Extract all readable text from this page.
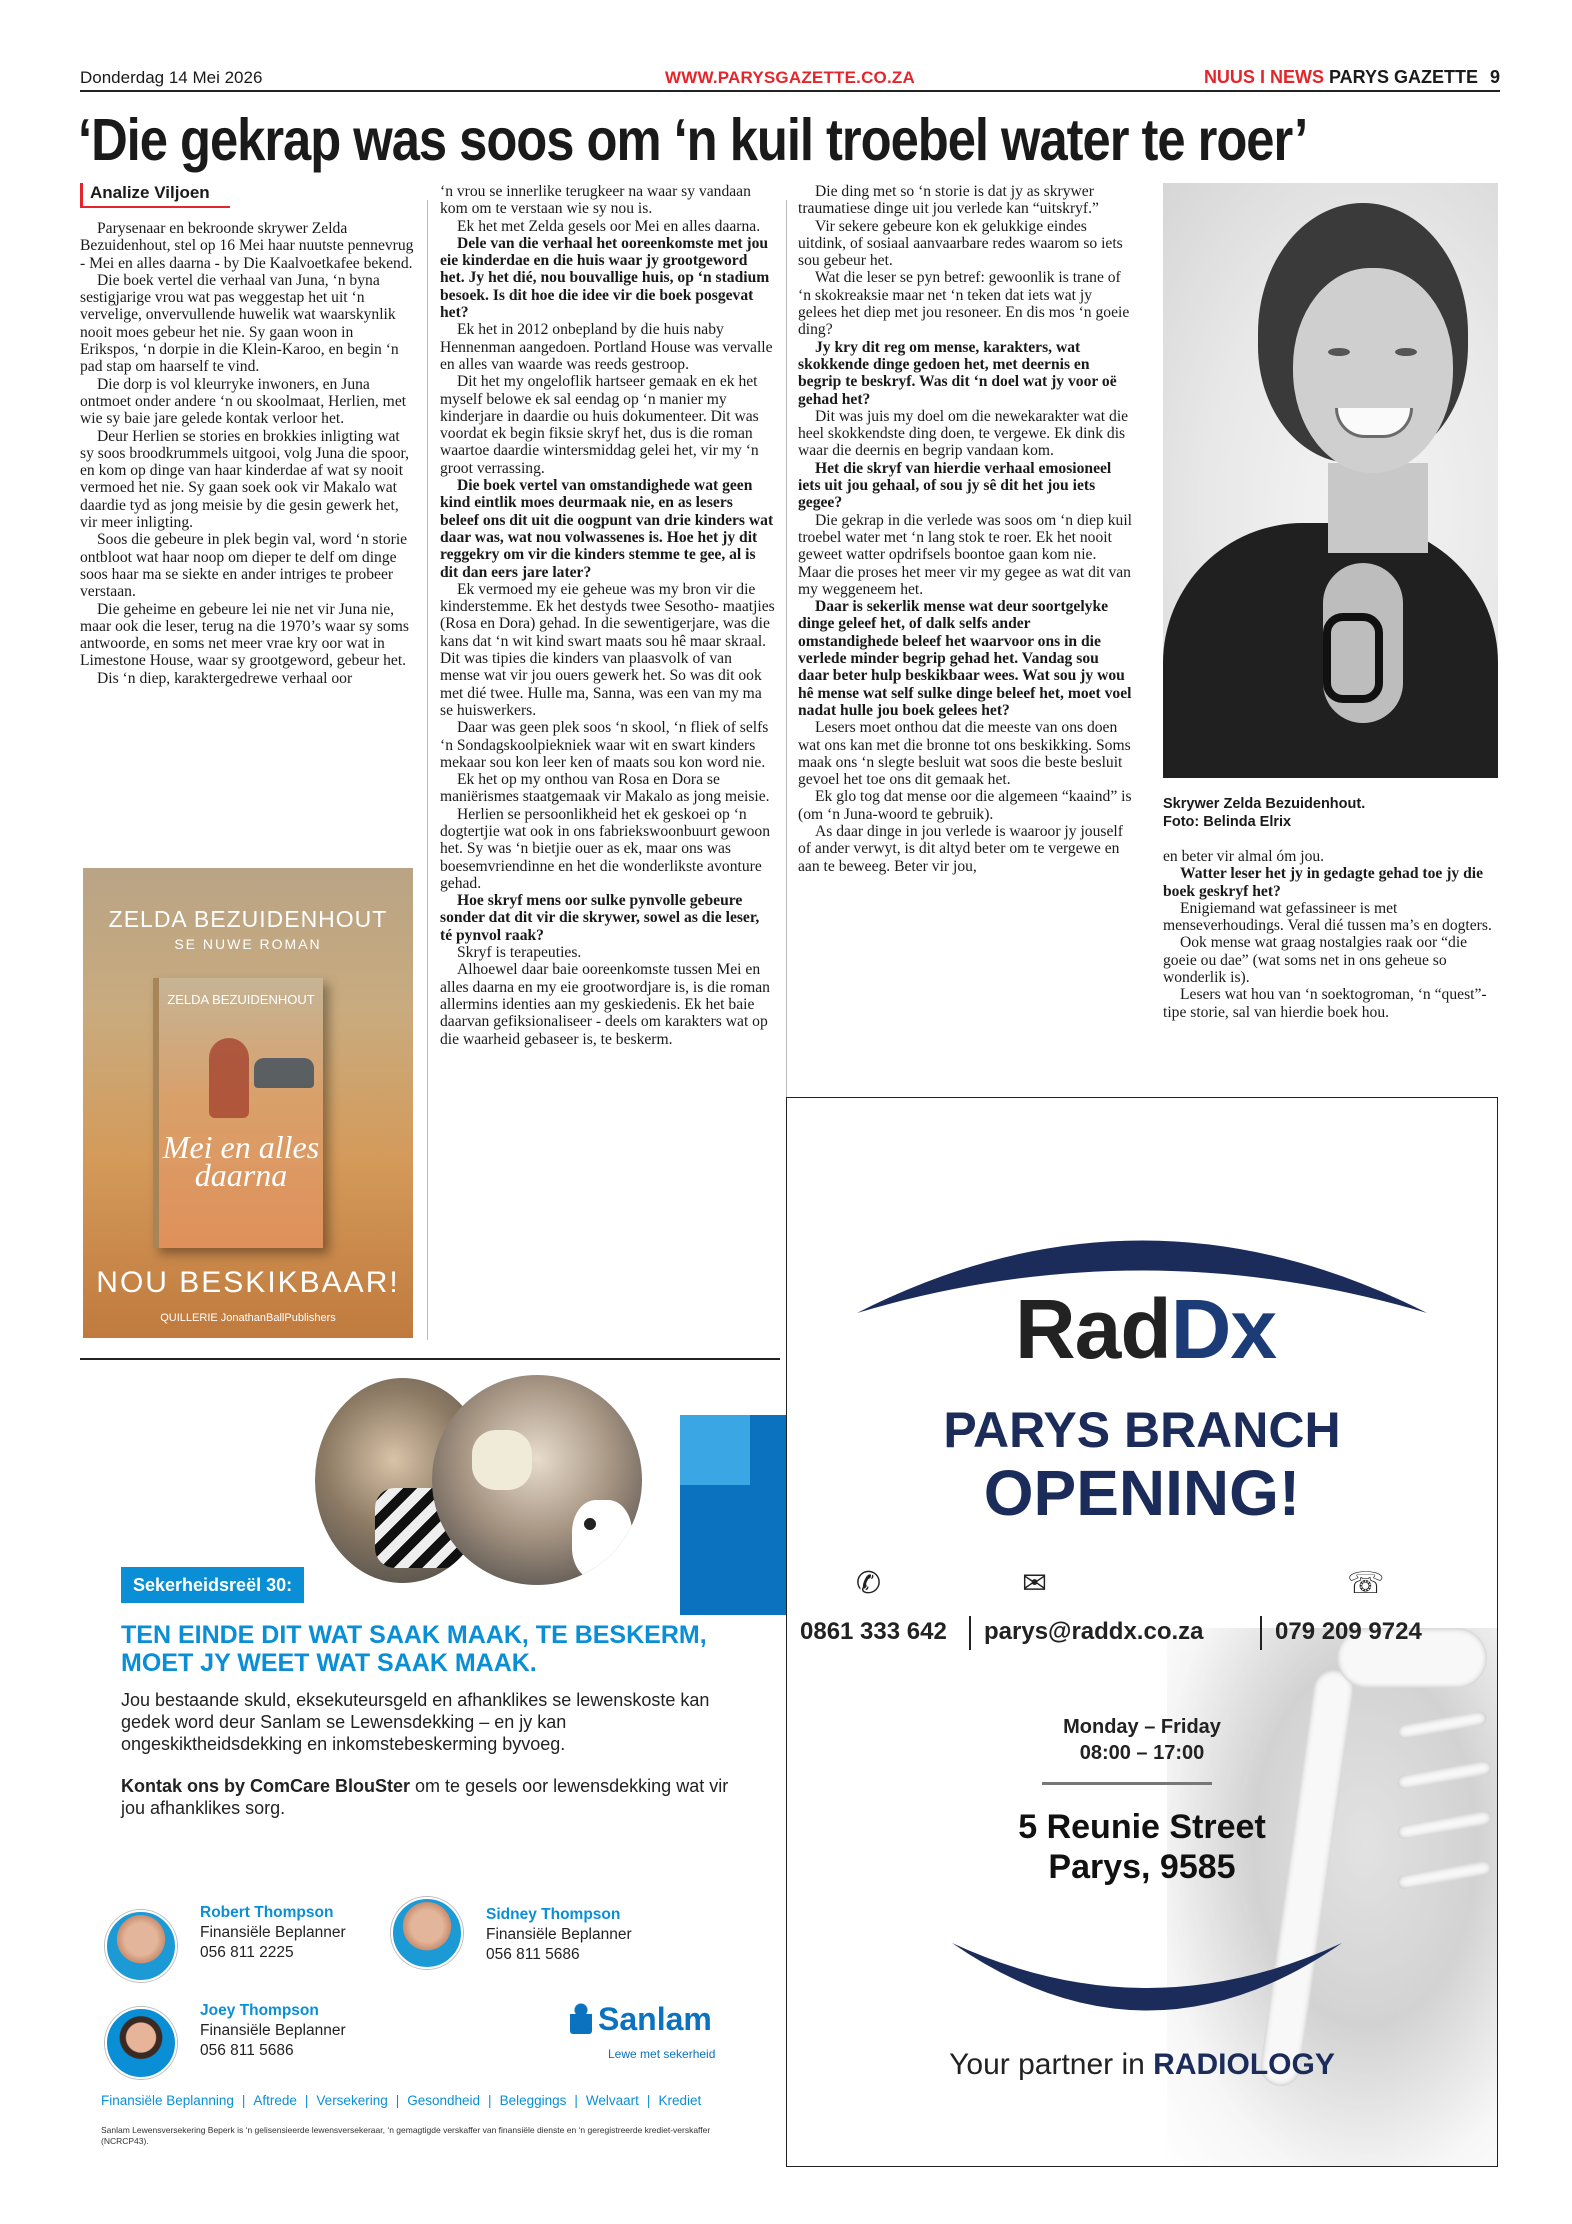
Donderdag 14 Mei 2026	WWW.PARYSGAZETTE.CO.ZA	NUUS I NEWS PARYS GAZETTE 9
‘Die gekrap was soos om ‘n kuil troebel water te roer’
Analize Viljoen

Parysenaar en bekroonde skrywer Zelda Bezuidenhout, stel op 16 Mei haar nuutste pennevrug - Mei en alles daarna - by Die Kaalvoetkafee bekend.

Die boek vertel die verhaal van Juna, ‘n byna sestigjarige vrou wat pas weggestap het uit ‘n vervelige, onvervullende huwelik wat waarskynlik nooit moes gebeur het nie. Sy gaan woon in Erikspos, ‘n dorpie in die Klein-Karoo, en begin ‘n pad stap om haarself te vind.

Die dorp is vol kleurryke inwoners, en Juna ontmoet onder andere ‘n ou skoolmaat, Herlien, met wie sy baie jare gelede kontak verloor het.

Deur Herlien se stories en brokkies inligting wat sy soos broodkrummels uitgooi, volg Juna die spoor, en kom op dinge van haar kinderdae af wat sy nooit vermoed het nie. Sy gaan soek ook vir Makalo wat daardie tyd as jong meisie by die gesin gewerk het, vir meer inligting.

Soos die gebeure in plek begin val, word ‘n storie ontbloot wat haar noop om dieper te delf om dinge soos haar ma se siekte en ander intriges te probeer verstaan.

Die geheime en gebeure lei nie net vir Juna nie, maar ook die leser, terug na die 1970’s waar sy soms antwoorde, en soms net meer vrae kry oor wat in Limestone House, waar sy grootgeword, gebeur het.

Dis ‘n diep, karaktergedrewe verhaal oor

‘n vrou se innerlike terugkeer na waar sy vandaan kom om te verstaan wie sy nou is.

Ek het met Zelda gesels oor Mei en alles daarna.

Dele van die verhaal het ooreenkomste met jou eie kinderdae en die huis waar jy grootgeword het. Jy het dié, nou bouvallige huis, op ‘n stadium besoek. Is dit hoe die idee vir die boek posgevat het?

Ek het in 2012 onbepland by die huis naby Hennenman aangedoen. Portland House was vervalle en alles van waarde was reeds gestroop.

Dit het my ongeloflik hartseer gemaak en ek het myself belowe ek sal eendag op ‘n manier my kinderjare in daardie ou huis dokumenteer. Dit was voordat ek begin fiksie skryf het, dus is die roman waartoe daardie wintersmiddag gelei het, vir my ‘n groot verrassing.

Die boek vertel van omstandighede wat geen kind eintlik moes deurmaak nie, en as lesers beleef ons dit uit die oogpunt van drie kinders wat daar was, wat nou volwassenes is. Hoe het jy dit reggekry om vir die kinders stemme te gee, al is dit dan eers jare later?

Ek vermoed my eie geheue was my bron vir die kinderstemme. Ek het destyds twee Sesotho- maatjies (Rosa en Dora) gehad. In die sewentigerjare, was die kans dat ‘n wit kind swart maats sou hê maar skraal. Dit was tipies die kinders van plaasvolk of van mense wat vir jou ouers gewerk het. So was dit ook met dié twee. Hulle ma, Sanna, was een van my ma se huiswerkers.

Daar was geen plek soos ‘n skool, ‘n fliek of selfs ‘n Sondagskoolpiekniek waar wit en swart kinders mekaar sou kon leer ken of maats sou kon word nie.

Ek het op my onthou van Rosa en Dora se maniërismes staatgemaak vir Makalo as jong meisie.

Herlien se persoonlikheid het ek geskoei op ‘n dogtertjie wat ook in ons fabriekswoonbuurt gewoon het. Sy was ‘n bietjie ouer as ek, maar ons was boesemvriendinne en het die wonderlikste avonture gehad.

Hoe skryf mens oor sulke pynvolle gebeure sonder dat dit vir die skrywer, sowel as die leser, té pynvol raak?

Skryf is terapeuties.

Alhoewel daar baie ooreenkomste tussen Mei en alles daarna en my eie grootwordjare is, is die roman allermins identies aan my geskiedenis. Ek het baie daarvan gefiksionaliseer - deels om karakters wat op die waarheid gebaseer is, te beskerm.

Die ding met so ‘n storie is dat jy as skrywer traumatiese dinge uit jou verlede kan “uitskryf.”

Vir sekere gebeure kon ek gelukkige eindes uitdink, of sosiaal aanvaarbare redes waarom so iets sou gebeur het.

Wat die leser se pyn betref: gewoonlik is trane of ‘n skokreaksie maar net ‘n teken dat iets wat jy gelees het diep met jou resoneer. En dis mos ‘n goeie ding?

Jy kry dit reg om mense, karakters, wat skokkende dinge gedoen het, met deernis en begrip te beskryf. Was dit ‘n doel wat jy voor oë gehad het?

Dit was juis my doel om die newekarakter wat die heel skokkendste ding doen, te vergewe. Ek dink dis waar die deernis en begrip vandaan kom.

Het die skryf van hierdie verhaal emosioneel iets uit jou gehaal, of sou jy sê dit het jou iets gegee?

Die gekrap in die verlede was soos om ‘n diep kuil troebel water met ‘n lang stok te roer. Ek het nooit geweet watter opdrifsels boontoe gaan kom nie. Maar die proses het meer vir my gegee as wat dit van my weggeneem het.

Daar is sekerlik mense wat deur soortgelyke dinge geleef het, of dalk selfs ander omstandighede beleef het waarvoor ons in die verlede minder begrip gehad het. Vandag sou daar beter hulp beskikbaar wees. Wat sou jy wou hê mense wat self sulke dinge beleef het, moet voel nadat hulle jou boek gelees het?

Lesers moet onthou dat die meeste van ons doen wat ons kan met die bronne tot ons beskikking. Soms maak ons ‘n slegte besluit wat soos die beste besluit gevoel het toe ons dit gemaak het.

Ek glo tog dat mense oor die algemeen “kaaind” is (om ‘n Juna-woord te gebruik).

As daar dinge in jou verlede is waaroor jy jouself of ander verwyt, is dit altyd beter om te vergewe en aan te beweeg. Beter vir jou,

en beter vir almal óm jou.

Watter leser het jy in gedagte gehad toe jy die boek geskryf het?

Enigiemand wat gefassineer is met menseverhoudings. Veral dié tussen ma’s en dogters.

Ook mense wat graag nostalgies raak oor “die goeie ou dae” (wat soms net in ons geheue so wonderlik is).

Lesers wat hou van ‘n soektogroman, ‘n “quest”-tipe storie, sal van hierdie boek hou.

ZELDA BEZUIDENHOUT
SE NUWE ROMAN
ZELDA BEZUIDENHOUT
Mei en alles daarna
NOU BESKIKBAAR!
QUILLERIE JonathanBallPublishers
Skrywer Zelda Bezuidenhout.
Foto: Belinda Elrix
Sekerheidsreël 30:
TEN EINDE DIT WAT SAAK MAAK, TE BESKERM, MOET JY WEET WAT SAAK MAAK.
Jou bestaande skuld, eksekuteursgeld en afhanklikes se lewenskoste kan gedek word deur Sanlam se Lewensdekking – en jy kan ongeskiktheidsdekking en inkomstebeskerming byvoeg.
Kontak ons by ComCare BlouSter om te gesels oor lewensdekking wat vir jou afhanklikes sorg.
Robert Thompson
Finansiële Beplanner
056 811 2225
Sidney Thompson
Finansiële Beplanner
056 811 5686
Joey Thompson
Finansiële Beplanner
056 811 5686
Sanlam
Lewe met sekerheid
Finansiële Beplanning | Aftrede | Versekering | Gesondheid | Beleggings | Welvaart | Krediet
Sanlam Lewensversekering Beperk is ‘n gelisensieerde lewensversekeraar, ‘n gemagtigde verskaffer van finansiële dienste en ‘n geregistreerde krediet-verskaffer (NCRCP43).
RadDx
PARYS BRANCH
OPENING!
✆	✉	☏
0861 333 642 parys@raddx.co.za	079 209 9724
Monday – Friday
08:00 – 17:00
5 Reunie Street
Parys, 9585
Your partner in RADIOLOGY
